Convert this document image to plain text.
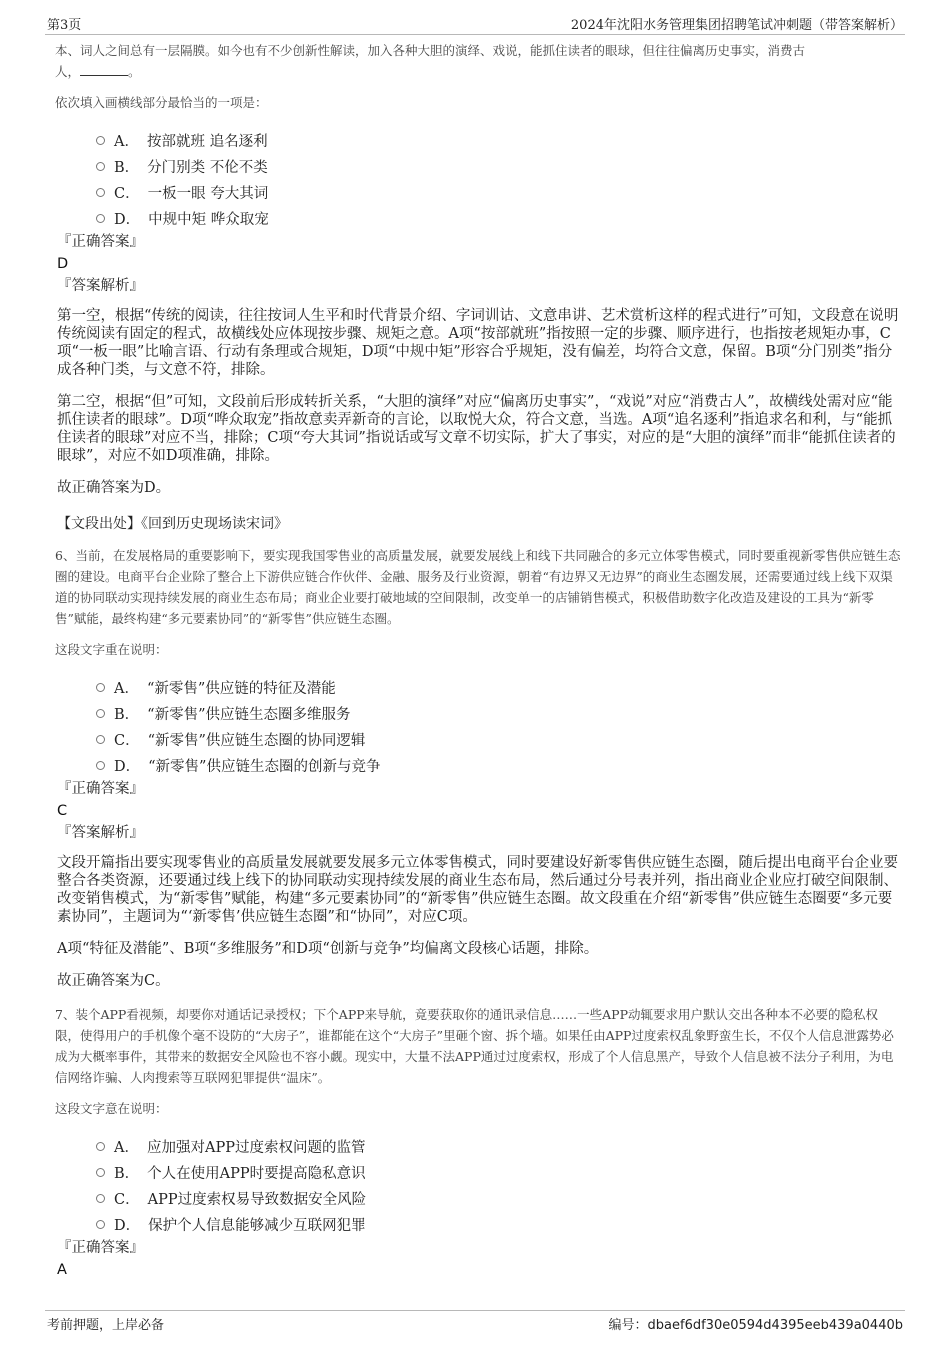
第3页	2024年沈阳水务管理集团招聘笔试冲刺题（带答案解析）

本、词人之间总有一层隔膜。如今也有不少创新性解读，加入各种大胆的演绎、戏说，能抓住读者的眼球，但往往偏离历史事实，消费古
人，	。

依次填入画横线部分最恰当的一项是：

A． 按部就班 追名逐利
B． 分门别类 不伦不类
C． 一板一眼 夸大其词
D． 中规中矩 哗众取宠
『正确答案』
D
『答案解析』

第一空，根据“传统的阅读，往往按词人生平和时代背景介绍、字词训诂、文意串讲、艺术赏析这样的程式进行”可知，文段意在说明传统阅读有固定的程式，故横线处应体现按步骤、规矩之意。A项“按部就班”指按照一定的步骤、顺序进行，也指按老规矩办事，C项“一板一眼”比喻言语、行动有条理或合规矩，D项“中规中矩”形容合乎规矩，没有偏差，均符合文意，保留。B项“分门别类”指分成各种门类，与文意不符，排除。

第二空，根据“但”可知，文段前后形成转折关系，“大胆的演绎”对应“偏离历史事实”，“戏说”对应“消费古人”，故横线处需对应“能抓住读者的眼球”。D项“哗众取宠”指故意卖弄新奇的言论，以取悦大众，符合文意，当选。A项“追名逐利”指追求名和利，与“能抓住读者的眼球”对应不当，排除；C项“夸大其词”指说话或写文章不切实际，扩大了事实，对应的是“大胆的演绎”而非“能抓住读者的眼球”，对应不如D项准确，排除。

故正确答案为D。

【文段出处】《回到历史现场读宋词》

6、当前，在发展格局的重要影响下，要实现我国零售业的高质量发展，就要发展线上和线下共同融合的多元立体零售模式，同时要重视新零售供应链生态圈的建设。电商平台企业除了整合上下游供应链合作伙伴、金融、服务及行业资源，朝着“有边界又无边界”的商业生态圈发展，还需要通过线上线下双渠道的协同联动实现持续发展的商业生态布局；商业企业要打破地域的空间限制，改变单一的店铺销售模式，积极借助数字化改造及建设的工具为“新零售”赋能，最终构建“多元要素协同”的“新零售”供应链生态圈。

这段文字重在说明：

A． “新零售”供应链的特征及潜能
B． “新零售”供应链生态圈多维服务
C． “新零售”供应链生态圈的协同逻辑
D． “新零售”供应链生态圈的创新与竞争
『正确答案』
C
『答案解析』

文段开篇指出要实现零售业的高质量发展就要发展多元立体零售模式，同时要建设好新零售供应链生态圈，随后提出电商平台企业要整合各类资源，还要通过线上线下的协同联动实现持续发展的商业生态布局，然后通过分号表并列，指出商业企业应打破空间限制、改变销售模式，为“新零售”赋能，构建“多元要素协同”的“新零售”供应链生态圈。故文段重在介绍“新零售”供应链生态圈要“多元要素协同”，主题词为“‘新零售’供应链生态圈”和“协同”，对应C项。

A项“特征及潜能”、B项“多维服务”和D项“创新与竞争”均偏离文段核心话题，排除。

故正确答案为C。

7、装个APP看视频，却要你对通话记录授权；下个APP来导航，竟要获取你的通讯录信息……一些APP动辄要求用户默认交出各种本不必要的隐私权限，使得用户的手机像个毫不设防的“大房子”，谁都能在这个“大房子”里砸个窗、拆个墙。如果任由APP过度索权乱象野蛮生长，不仅个人信息泄露势必成为大概率事件，其带来的数据安全风险也不容小觑。现实中，大量不法APP通过过度索权，形成了个人信息黑产，导致个人信息被不法分子利用，为电信网络诈骗、人肉搜索等互联网犯罪提供“温床”。

这段文字意在说明：

A． 应加强对APP过度索权问题的监管
B． 个人在使用APP时要提高隐私意识
C． APP过度索权易导致数据安全风险
D． 保护个人信息能够减少互联网犯罪
『正确答案』
A
考前押题，上岸必备	编号：dbaef6df30e0594d4395eeb439a0440b
